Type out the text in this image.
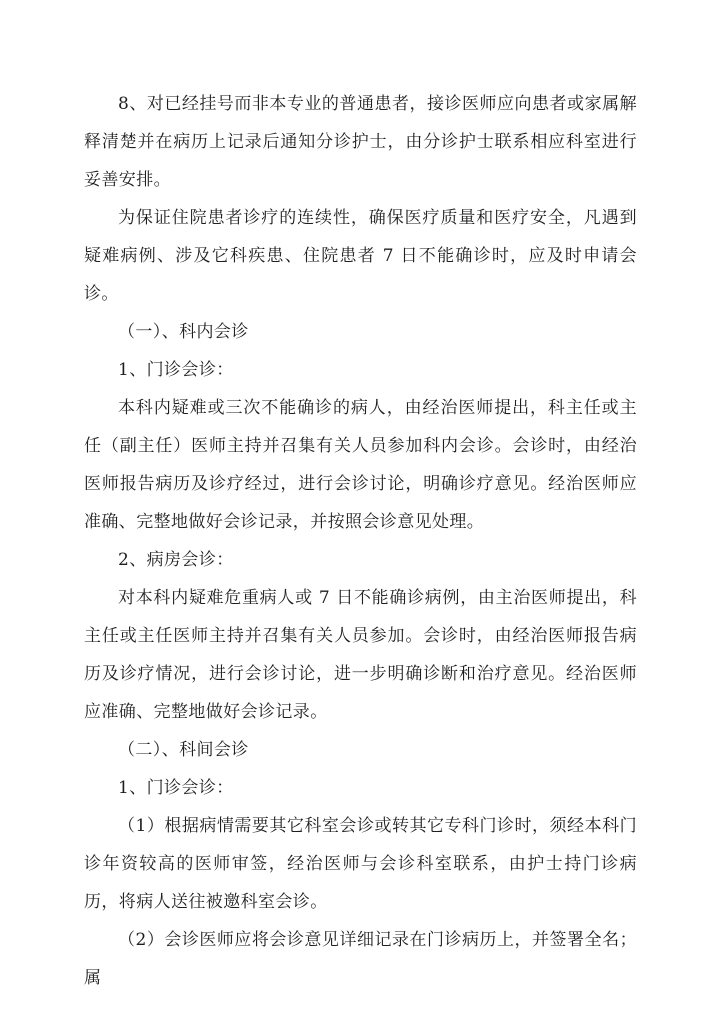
8、对已经挂号而非本专业的普通患者，接诊医师应向患者或家属解释清楚并在病历上记录后通知分诊护士，由分诊护士联系相应科室进行妥善安排。

为保证住院患者诊疗的连续性，确保医疗质量和医疗安全，凡遇到疑难病例、涉及它科疾患、住院患者 7 日不能确诊时，应及时申请会诊。

（一）、科内会诊

1、门诊会诊：

本科内疑难或三次不能确诊的病人，由经治医师提出，科主任或主任（副主任）医师主持并召集有关人员参加科内会诊。会诊时，由经治医师报告病历及诊疗经过，进行会诊讨论，明确诊疗意见。经治医师应准确、完整地做好会诊记录，并按照会诊意见处理。

2、病房会诊：

对本科内疑难危重病人或 7 日不能确诊病例，由主治医师提出，科主任或主任医师主持并召集有关人员参加。会诊时，由经治医师报告病历及诊疗情况，进行会诊讨论，进一步明确诊断和治疗意见。经治医师应准确、完整地做好会诊记录。

（二）、科间会诊

1、门诊会诊：

（1）根据病情需要其它科室会诊或转其它专科门诊时，须经本科门诊年资较高的医师审签，经治医师与会诊科室联系，由护士持门诊病历，将病人送往被邀科室会诊。

（2）会诊医师应将会诊意见详细记录在门诊病历上，并签署全名；属
